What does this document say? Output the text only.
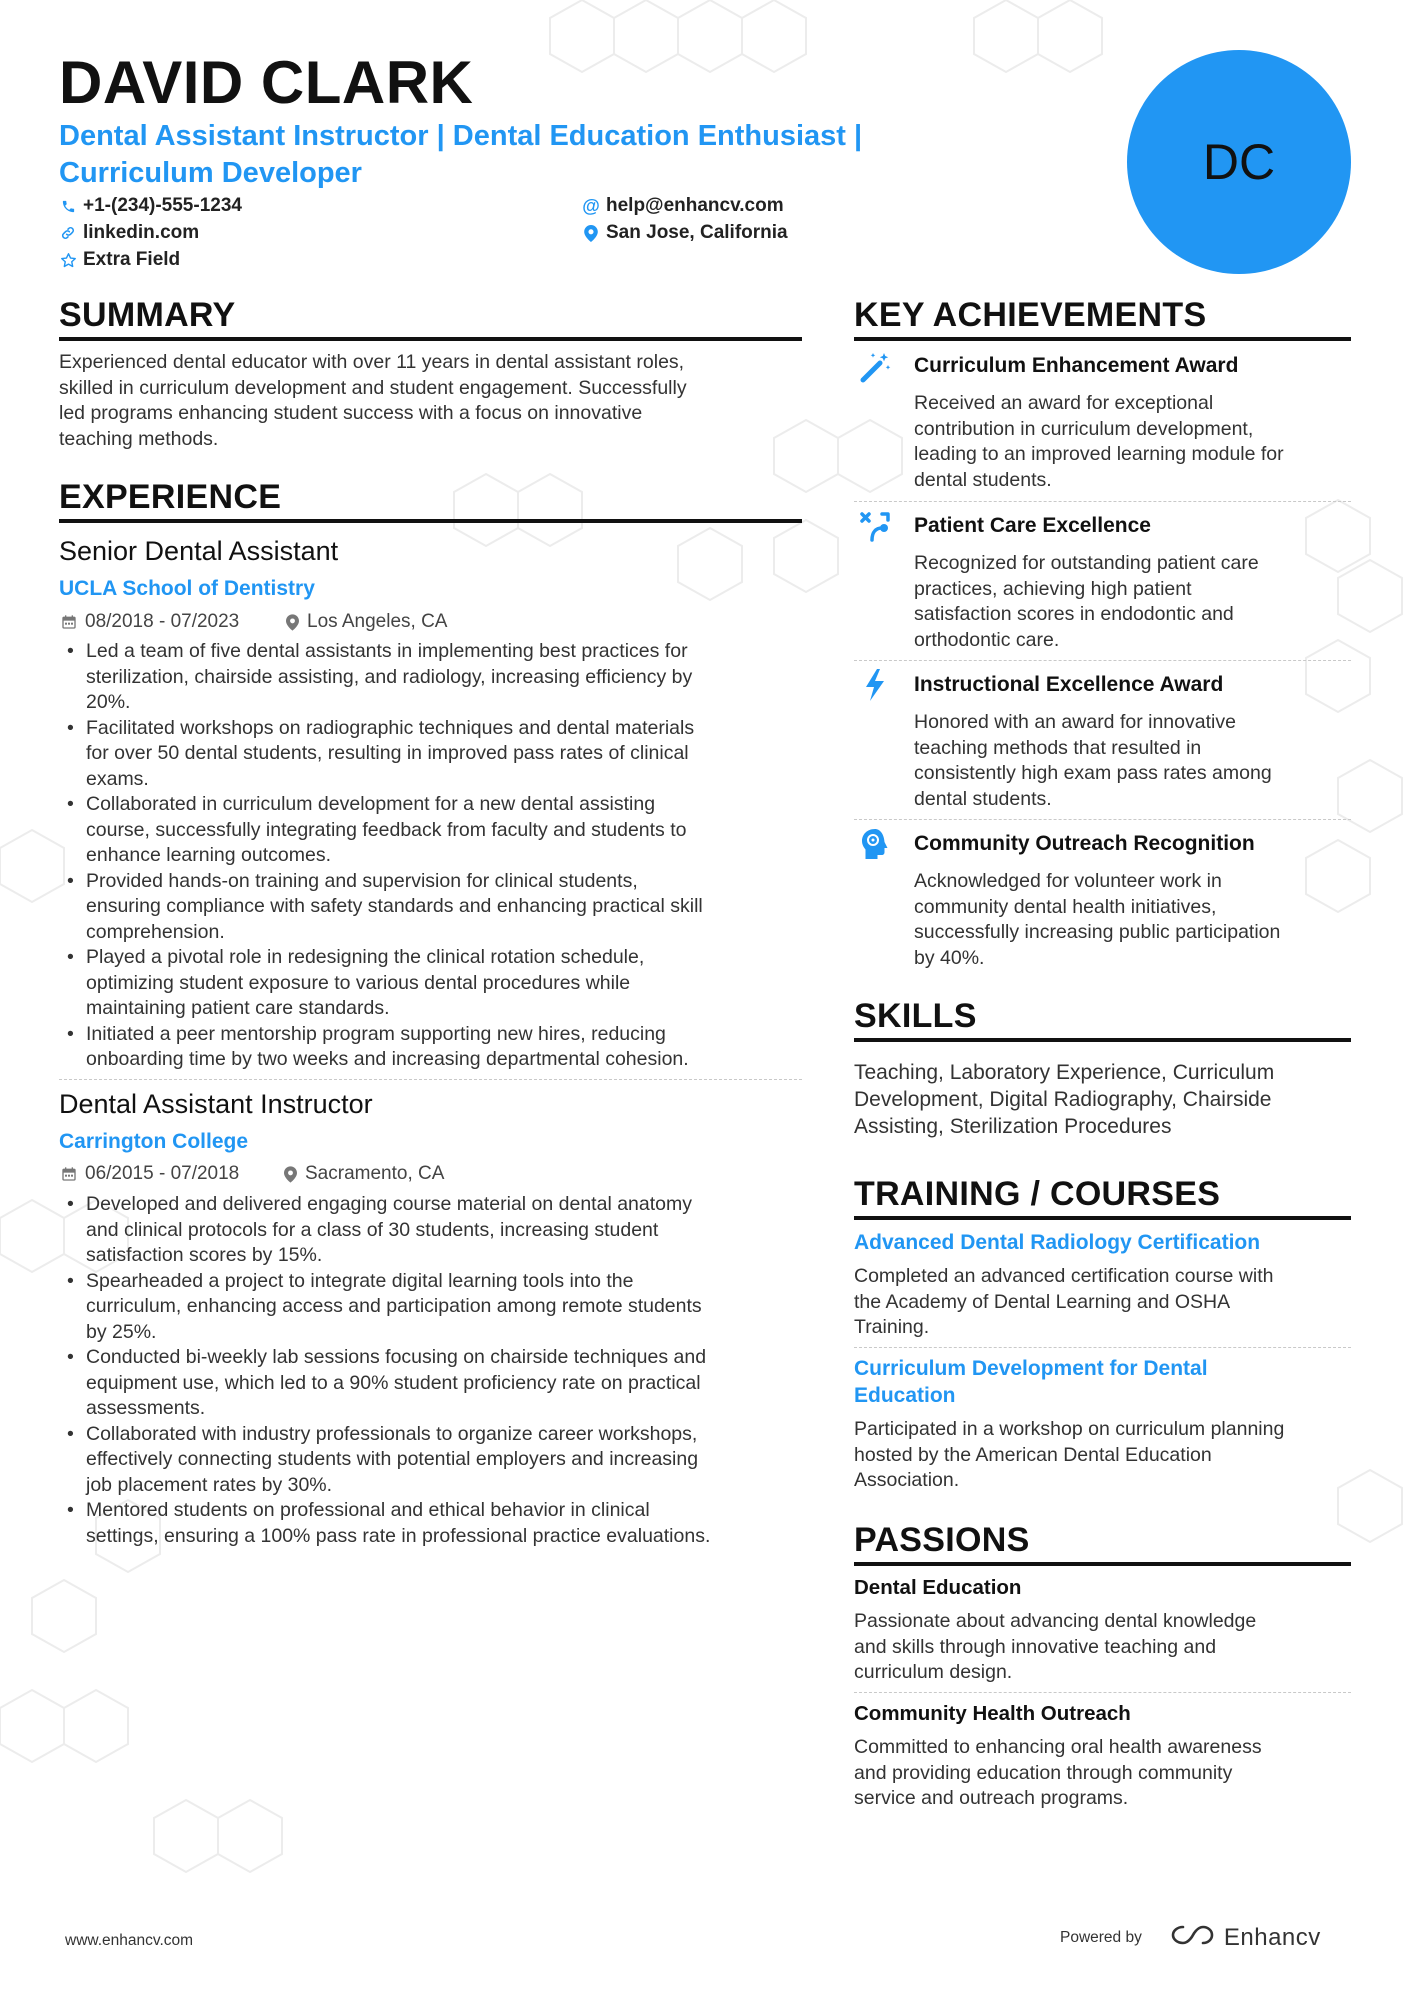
DAVID CLARK
Dental Assistant Instructor | Dental Education Enthusiast |
Curriculum Developer
+1-(234)-555-1234	@ help@enhancv.com
linkedin.com	San Jose, California
Extra Field
DC
SUMMARY
Experienced dental educator with over 11 years in dental assistant roles,
skilled in curriculum development and student engagement. Successfully
led programs enhancing student success with a focus on innovative
teaching methods.
EXPERIENCE
Senior Dental Assistant
UCLA School of Dentistry
08/2018 - 07/2023	Los Angeles, CA
• Led a team of five dental assistants in implementing best practices for
sterilization, chairside assisting, and radiology, increasing efficiency by
20%.
• Facilitated workshops on radiographic techniques and dental materials
for over 50 dental students, resulting in improved pass rates of clinical
exams.
• Collaborated in curriculum development for a new dental assisting
course, successfully integrating feedback from faculty and students to
enhance learning outcomes.
• Provided hands-on training and supervision for clinical students,
ensuring compliance with safety standards and enhancing practical skill
comprehension.
• Played a pivotal role in redesigning the clinical rotation schedule,
optimizing student exposure to various dental procedures while
maintaining patient care standards.
• Initiated a peer mentorship program supporting new hires, reducing
onboarding time by two weeks and increasing departmental cohesion.
Dental Assistant Instructor
Carrington College
06/2015 - 07/2018	Sacramento, CA
• Developed and delivered engaging course material on dental anatomy
and clinical protocols for a class of 30 students, increasing student
satisfaction scores by 15%.
• Spearheaded a project to integrate digital learning tools into the
curriculum, enhancing access and participation among remote students
by 25%.
• Conducted bi-weekly lab sessions focusing on chairside techniques and
equipment use, which led to a 90% student proficiency rate on practical
assessments.
• Collaborated with industry professionals to organize career workshops,
effectively connecting students with potential employers and increasing
job placement rates by 30%.
• Mentored students on professional and ethical behavior in clinical
settings, ensuring a 100% pass rate in professional practice evaluations.
KEY ACHIEVEMENTS
Curriculum Enhancement Award
Received an award for exceptional
contribution in curriculum development,
leading to an improved learning module for
dental students.
Patient Care Excellence
Recognized for outstanding patient care
practices, achieving high patient
satisfaction scores in endodontic and
orthodontic care.
Instructional Excellence Award
Honored with an award for innovative
teaching methods that resulted in
consistently high exam pass rates among
dental students.
Community Outreach Recognition
Acknowledged for volunteer work in
community dental health initiatives,
successfully increasing public participation
by 40%.
SKILLS
Teaching, Laboratory Experience, Curriculum
Development, Digital Radiography, Chairside
Assisting, Sterilization Procedures
TRAINING / COURSES
Advanced Dental Radiology Certification
Completed an advanced certification course with
the Academy of Dental Learning and OSHA
Training.
Curriculum Development for Dental
Education
Participated in a workshop on curriculum planning
hosted by the American Dental Education
Association.
PASSIONS
Dental Education
Passionate about advancing dental knowledge
and skills through innovative teaching and
curriculum design.
Community Health Outreach
Committed to enhancing oral health awareness
and providing education through community
service and outreach programs.
www.enhancv.com	Powered by	Enhancv
